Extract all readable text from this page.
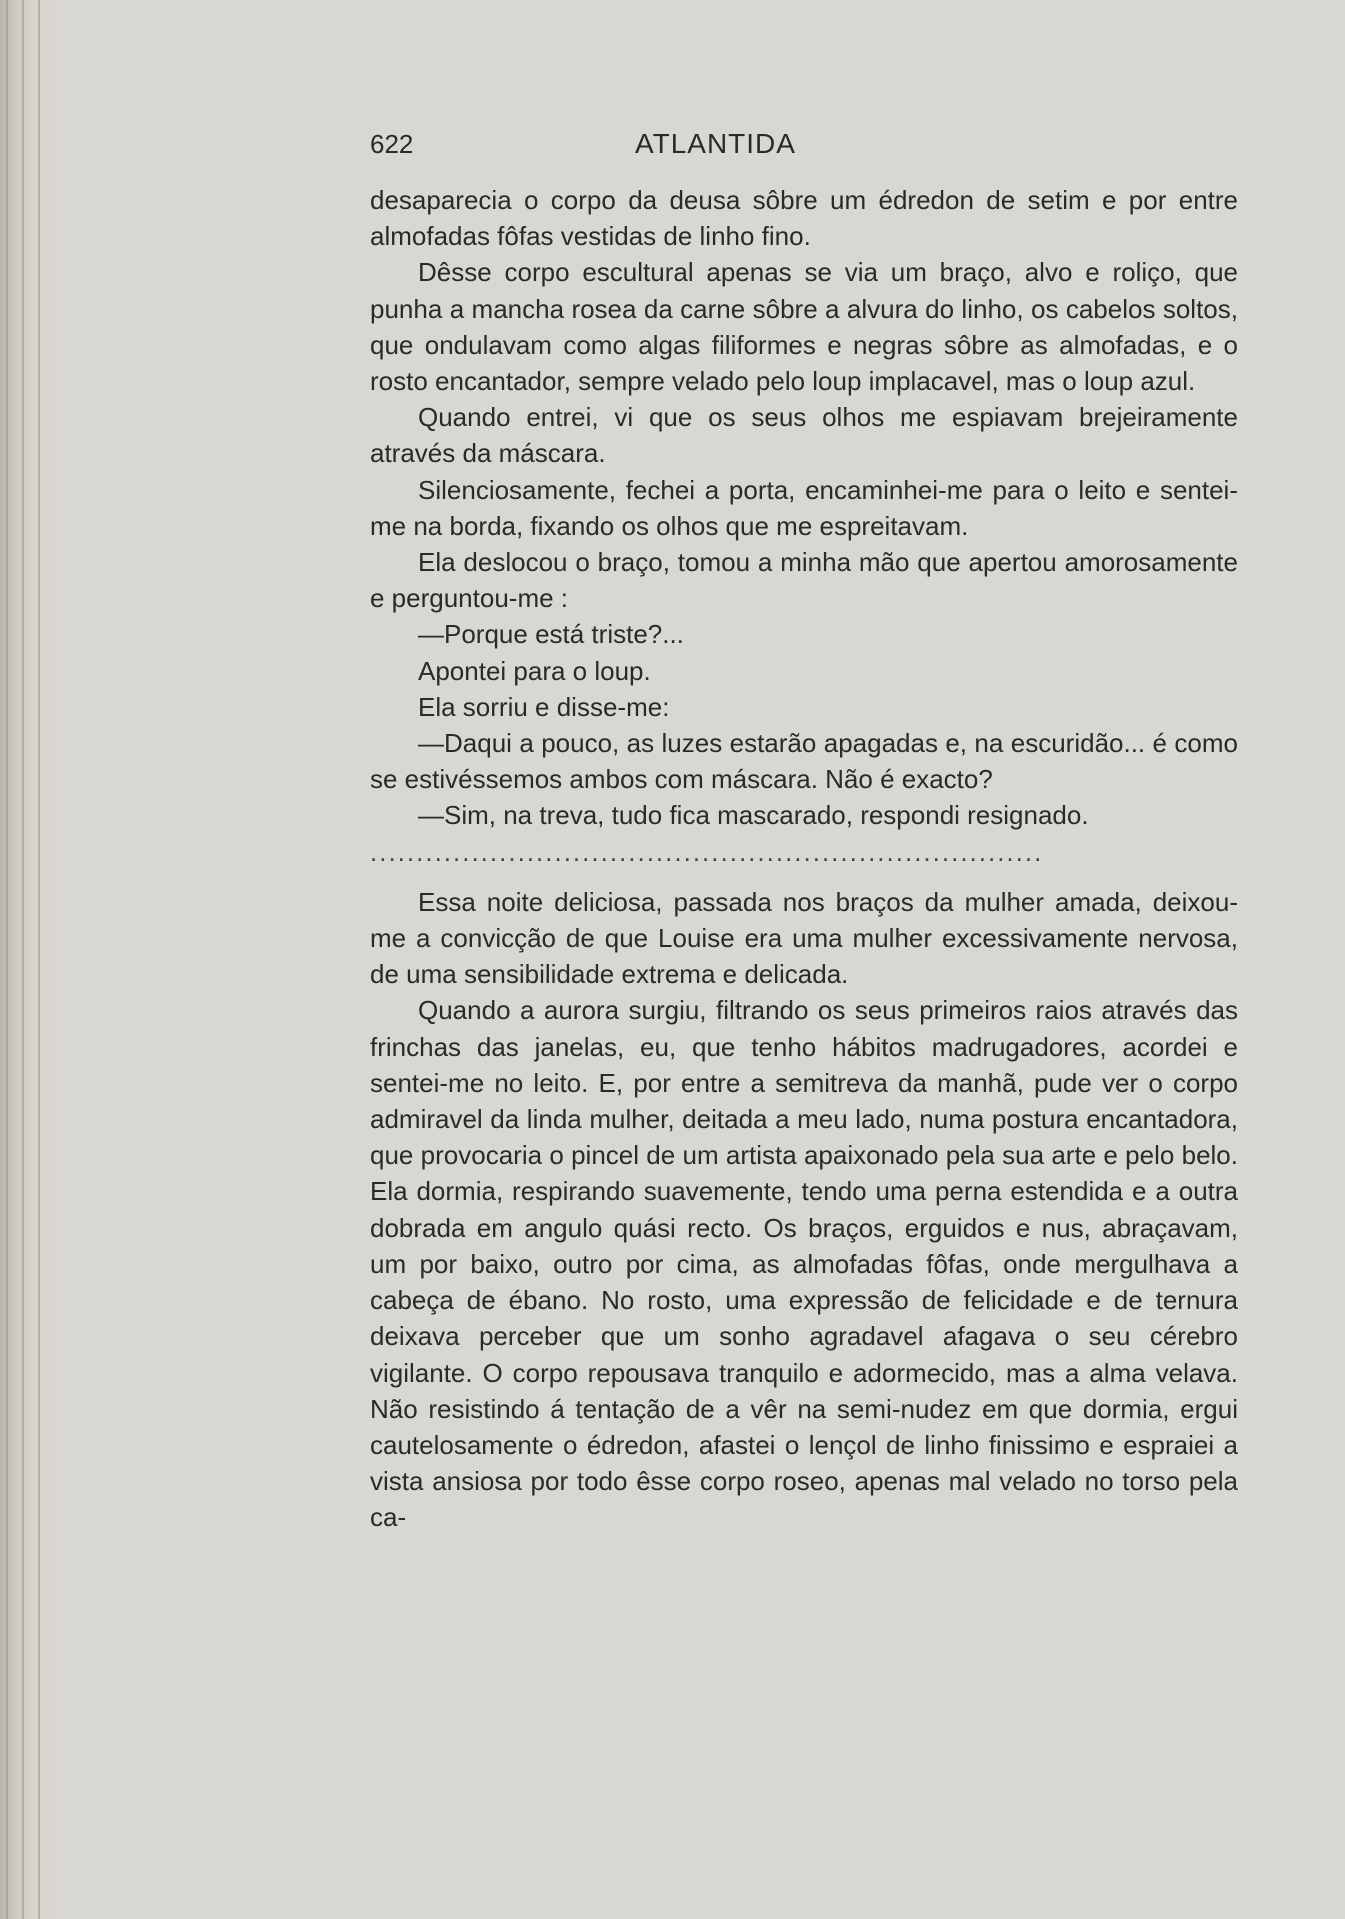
622	ATLANTIDA

desaparecia o corpo da deusa sôbre um édredon de setim e por entre almofadas fôfas vestidas de linho fino.

Dêsse corpo escultural apenas se via um braço, alvo e roliço, que punha a mancha rosea da carne sôbre a alvura do linho, os cabelos soltos, que ondulavam como algas filiformes e negras sôbre as almofadas, e o rosto encantador, sempre velado pelo loup implacavel, mas o loup azul.

Quando entrei, vi que os seus olhos me espiavam brejeiramente através da máscara.

Silenciosamente, fechei a porta, encaminhei-me para o leito e sentei-me na borda, fixando os olhos que me espreitavam.

Ela deslocou o braço, tomou a minha mão que apertou amorosamente e perguntou-me :

—Porque está triste?...

Apontei para o loup.

Ela sorriu e disse-me:

—Daqui a pouco, as luzes estarão apagadas e, na escuridão... é como se estivéssemos ambos com máscara. Não é exacto?

—Sim, na treva, tudo fica mascarado, respondi resignado.

.........................................................................

Essa noite deliciosa, passada nos braços da mulher amada, deixou-me a convicção de que Louise era uma mulher excessivamente nervosa, de uma sensibilidade extrema e delicada.

Quando a aurora surgiu, filtrando os seus primeiros raios através das frinchas das janelas, eu, que tenho hábitos madrugadores, acordei e sentei-me no leito. E, por entre a semitreva da manhã, pude ver o corpo admiravel da linda mulher, deitada a meu lado, numa postura encantadora, que provocaria o pincel de um artista apaixonado pela sua arte e pelo belo. Ela dormia, respirando suavemente, tendo uma perna estendida e a outra dobrada em angulo quási recto. Os braços, erguidos e nus, abraçavam, um por baixo, outro por cima, as almofadas fôfas, onde mergulhava a cabeça de ébano. No rosto, uma expressão de felicidade e de ternura deixava perceber que um sonho agradavel afagava o seu cérebro vigilante. O corpo repousava tranquilo e adormecido, mas a alma velava. Não resistindo á tentação de a vêr na semi-nudez em que dormia, ergui cautelosamente o édredon, afastei o lençol de linho finissimo e espraiei a vista ansiosa por todo êsse corpo roseo, apenas mal velado no torso pela ca-
